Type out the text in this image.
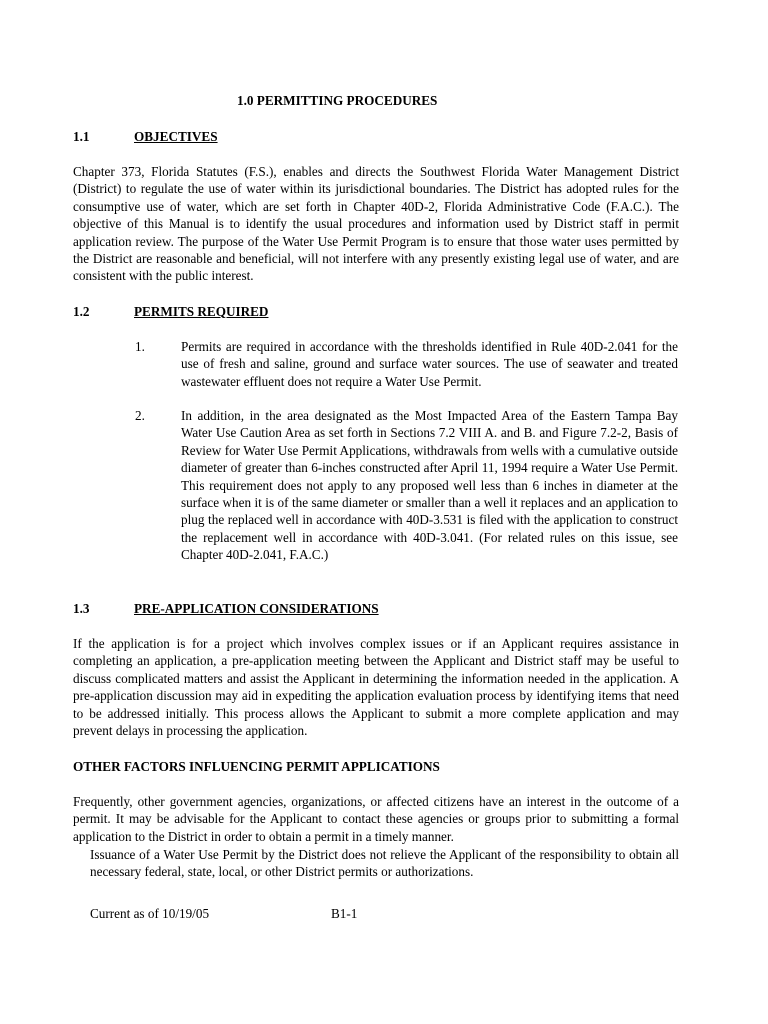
1.0 PERMITTING PROCEDURES
1.1	OBJECTIVES
Chapter 373, Florida Statutes (F.S.), enables and directs the Southwest Florida Water Management District (District) to regulate the use of water within its jurisdictional boundaries. The District has adopted rules for the consumptive use of water, which are set forth in Chapter 40D-2, Florida Administrative Code (F.A.C.). The objective of this Manual is to identify the usual procedures and information used by District staff in permit application review. The purpose of the Water Use Permit Program is to ensure that those water uses permitted by the District are reasonable and beneficial, will not interfere with any presently existing legal use of water, and are consistent with the public interest.
1.2	PERMITS REQUIRED
1.	Permits are required in accordance with the thresholds identified in Rule 40D-2.041 for the use of fresh and saline, ground and surface water sources. The use of seawater and treated wastewater effluent does not require a Water Use Permit.
2.	In addition, in the area designated as the Most Impacted Area of the Eastern Tampa Bay Water Use Caution Area as set forth in Sections 7.2 VIII A. and B. and Figure 7.2-2, Basis of Review for Water Use Permit Applications, withdrawals from wells with a cumulative outside diameter of greater than 6-inches constructed after April 11, 1994 require a Water Use Permit. This requirement does not apply to any proposed well less than 6 inches in diameter at the surface when it is of the same diameter or smaller than a well it replaces and an application to plug the replaced well in accordance with 40D-3.531 is filed with the application to construct the replacement well in accordance with 40D-3.041. (For related rules on this issue, see Chapter 40D-2.041, F.A.C.)
1.3	PRE-APPLICATION CONSIDERATIONS
If the application is for a project which involves complex issues or if an Applicant requires assistance in completing an application, a pre-application meeting between the Applicant and District staff may be useful to discuss complicated matters and assist the Applicant in determining the information needed in the application. A pre-application discussion may aid in expediting the application evaluation process by identifying items that need to be addressed initially. This process allows the Applicant to submit a more complete application and may prevent delays in processing the application.
OTHER FACTORS INFLUENCING PERMIT APPLICATIONS
Frequently, other government agencies, organizations, or affected citizens have an interest in the outcome of a permit. It may be advisable for the Applicant to contact these agencies or groups prior to submitting a formal application to the District in order to obtain a permit in a timely manner.
Issuance of a Water Use Permit by the District does not relieve the Applicant of the responsibility to obtain all necessary federal, state, local, or other District permits or authorizations.
Current as of 10/19/05	B1-1
